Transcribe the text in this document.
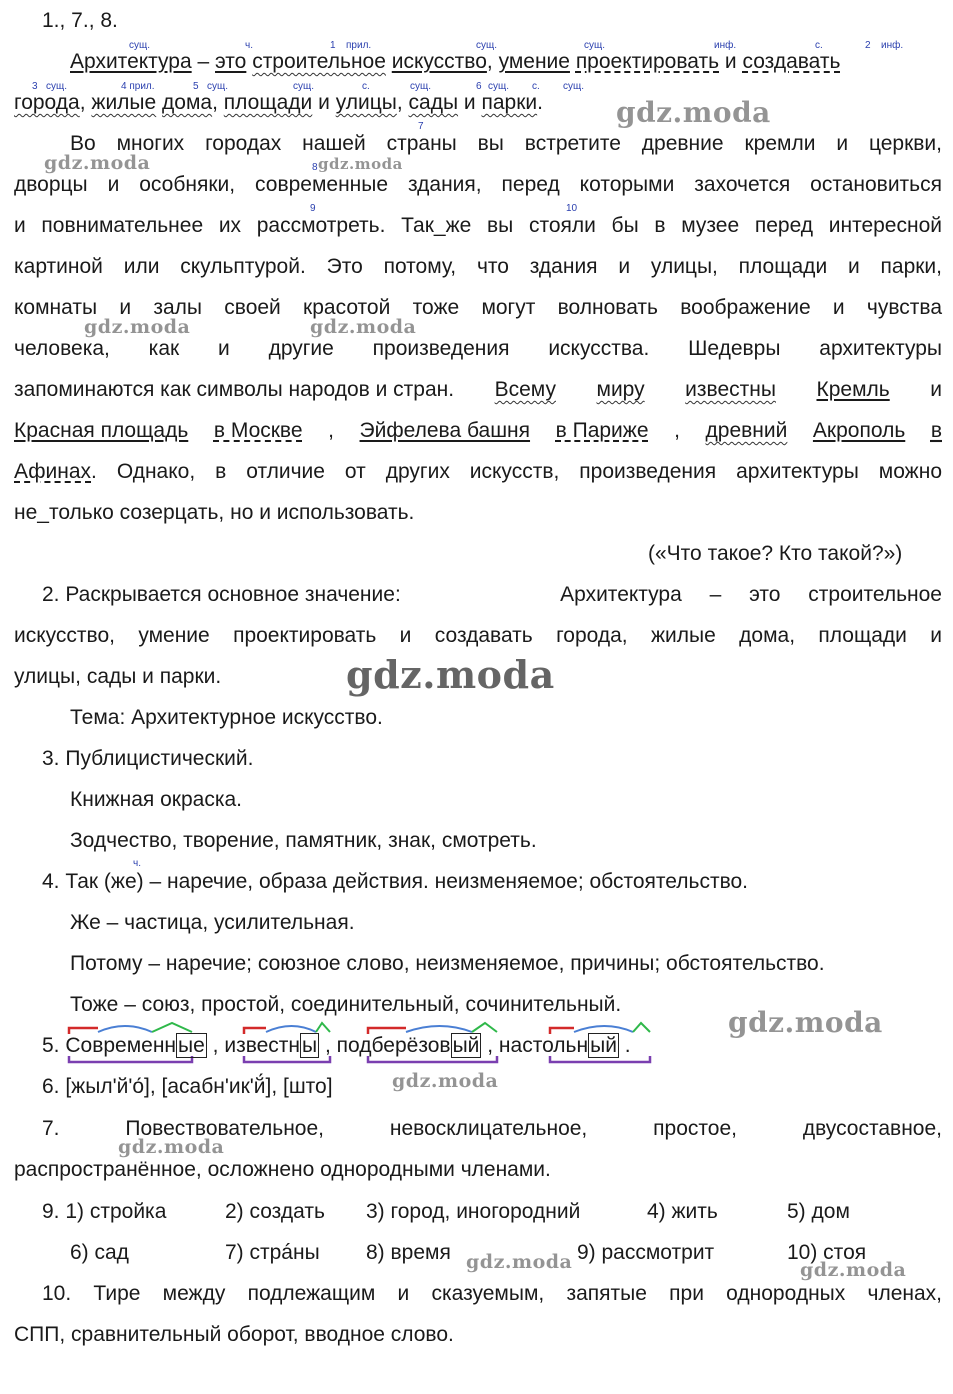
1., 7., 8.
сущ.	ч.	1 прил.	сущ.	сущ.	инф.	с.	2 инф.
Архитектура – это строительное искусство, умение проектировать и создавать
3 сущ.	4 прил.	5 сущ.	сущ.	с.	сущ.	6 сущ. с. сущ.
города, жилые дома, площади и улицы, сады и парки.
7
8
9	10
Во многих городах нашей страны вы встретите древние кремли и церкви,
дворцы и особняки, современные здания, перед которыми захочется остановиться
и повнимательнее их рассмотреть. Так_же вы стояли бы в музее перед интересной
картиной или скульптурой. Это потому, что здания и улицы, площади и парки,
комнаты и залы своей красотой тоже могут волновать воображение и чувства
человека, как и другие произведения искусства. Шедевры архитектуры
запоминаются как символы народов и стран. Всему миру известны Кремль и
Красная площадь в Москве , Эйфелева башня в Париже , древний Акрополь в
Афинах. Однако, в отличие от других искусств, произведения архитектуры можно
не_только созерцать, но и использовать.
(«Что такое? Кто такой?»)
2. Раскрывается основное значение:	Архитектура – это строительное
искусство, умение проектировать и создавать города, жилые дома, площади и
улицы, сады и парки.
Тема: Архитектурное искусство.
3. Публицистический.
Книжная окраска.
Зодчество, творение, памятник, знак, смотреть.
ч.
4. Так (же) – наречие, образа действия. неизменяемое; обстоятельство.
Же – частица, усилительная.
Потому – наречие; союзное слово, неизменяемое, причины; обстоятельство.
Тоже – союз, простой, соединительный, сочинительный.
5. Современные , известны , подберёзовый , настольный .
6. [жыл'й'о́], [асабн'ик'й́], [што]
7. Повествовательное, невосклицательное, простое, двусоставное,
распространённое, осложнено однородными членами.
9. 1) стройка	2) создать 3) город, иногородний	4) жить	5) дом
6) сад	7) стрáны 8) время	9) рассмотрит	10) стоя
10. Тире между подлежащим и сказуемым, запятые при однородных членах,
СПП, сравнительный оборот, вводное слово.
gdz.moda
gdz.moda	gdz.moda
gdz.moda	gdz.moda
gdz.moda
gdz.moda
gdz.moda
gdz.moda
gdz.moda	gdz.moda
